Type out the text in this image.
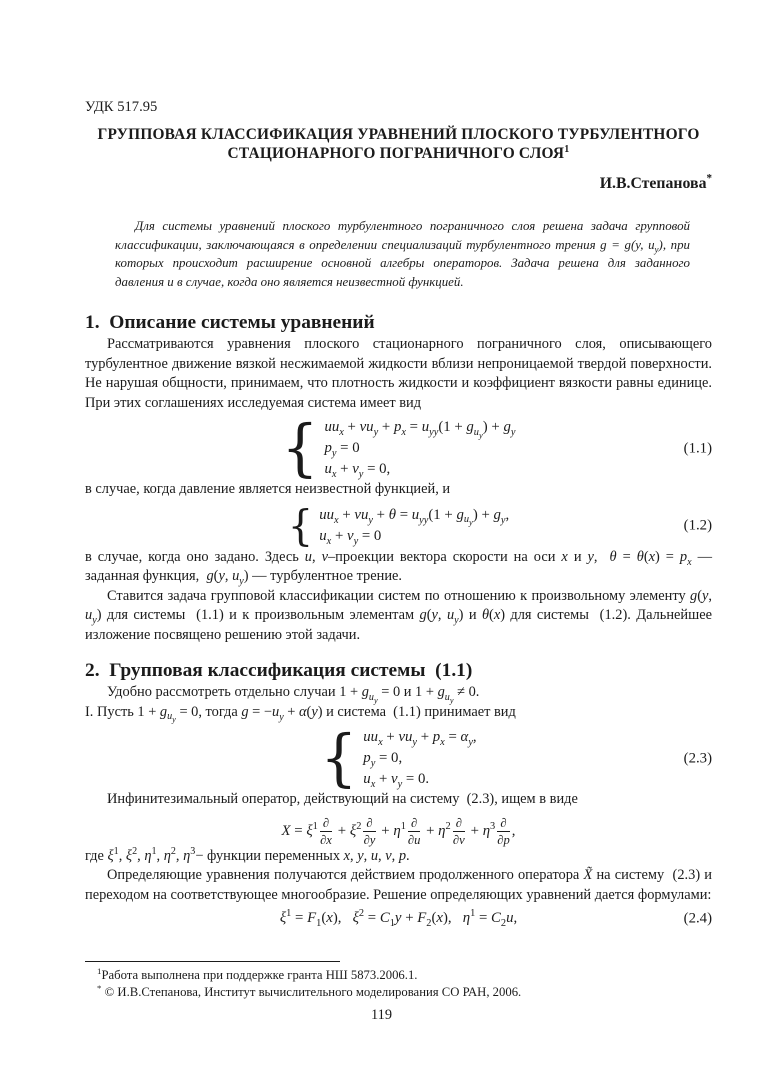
УДК 517.95
ГРУППОВАЯ КЛАССИФИКАЦИЯ УРАВНЕНИЙ ПЛОСКОГО ТУРБУЛЕНТНОГО
СТАЦИОНАРНОГО ПОГРАНИЧНОГО СЛОЯ$^1$
И.В.Степанова*
Для системы уравнений плоского турбулентного пограничного слоя решена задача групповой классификации, заключающаяся в определении специализаций турбулентного трения g = g(y, $u_y$), при которых происходит расширение основной алгебры операторов. Задача решена для заданного давления и в случае, когда оно является неизвестной функцией.
1.  Описание системы уравнений

Рассматриваются уравнения плоского стационарного пограничного слоя, описывающего турбулентное движение вязкой несжимаемой жидкости вблизи непроницаемой твердой поверхности. Не нарушая общности, принимаем, что плотность жидкости и коэффициент вязкости равны единице. При этих соглашениях исследуемая система имеет вид

{ $uu_x + vu_y + p_x = u_{yy}(1 + g_{u_y}) + g_y$
$p_y = 0$
$u_x + v_y = 0$,
(1.1)

в случае, когда давление является неизвестной функцией, и

{ $uu_x + vu_y + \theta = u_{yy}(1 + g_{u_y}) + g_y$,
$u_x + v_y = 0$
(1.2)

в случае, когда оно задано. Здесь u, v–проекции вектора скорости на оси x и y,  $\theta = \theta(x) = p_x$ — заданная функция,  g(y, $u_y$) — турбулентное трение.

Ставится задача групповой классификации систем по отношению к произвольному элементу g(y, $u_y$) для системы  (1.1) и к произвольным элементам g(y, $u_y$) и θ(x) для системы  (1.2). Дальнейшее изложение посвящено решению этой задачи.

2.  Групповая классификация системы  (1.1)

Удобно рассмотреть отдельно случаи $1 + g_{u_y} = 0$ и $1 + g_{u_y} \ne 0$.

I. Пусть $1 + g_{u_y} = 0$, тогда $g = -u_y + \alpha(y)$ и система  (1.1) принимает вид

{ $uu_x + vu_y + p_x = \alpha_y$,
$p_y = 0$,
$u_x + v_y = 0$.
(2.3)

Инфинитезимальный оператор, действующий на систему  (2.3), ищем в виде

$X = \xi^1 \frac{\partial}{\partial x} + \xi^2 \frac{\partial}{\partial y} + \eta^1 \frac{\partial}{\partial u} + \eta^2 \frac{\partial}{\partial v} + \eta^3 \frac{\partial}{\partial p}$ ,

где $\xi^1$, $\xi^2$, $\eta^1$, $\eta^2$, $\eta^3-$ функции переменных x, y, u, v, p.

Определяющие уравнения получаются действием продолженного оператора X̃ на систему  (2.3) и переходом на соответствующее многообразие. Решение определяющих уравнений дается формулами:

$\xi^1 = F_1(x)$,   $\xi^2 = C_1y + F_2(x)$,   $\eta^1 = C_2u$,	(2.4)

$^1$Работа выполнена при поддержке гранта НШ 5873.2006.1.

* © И.В.Степанова, Институт вычислительного моделирования СО РАН, 2006.

119
